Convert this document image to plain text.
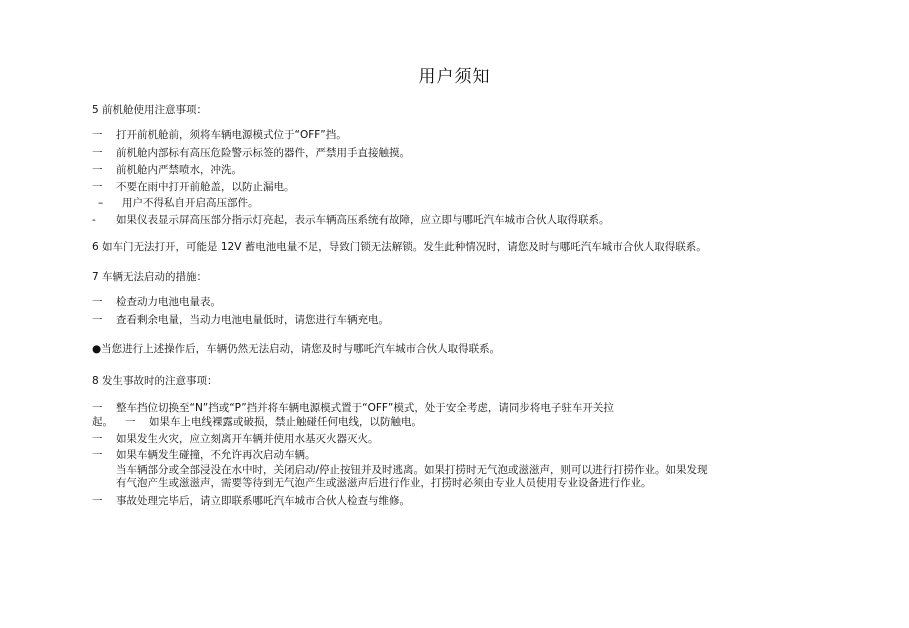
用户须知
5 前机舱使用注意事项：
一 打开前机舱前，须将车辆电源模式位于“OFF”挡。
一 前机舱内部标有高压危险警示标签的器件，严禁用手直接触摸。
一 前机舱内严禁喷水，冲洗。
一 不要在雨中打开前舱盖，以防止漏电。
– 用户不得私自开启高压部件。
- 如果仪表显示屏高压部分指示灯亮起，表示车辆高压系统有故障，应立即与哪吒汽车城市合伙人取得联系。
6 如车门无法打开，可能是 12V 蓄电池电量不足，导致门锁无法解锁。发生此种情况时，请您及时与哪吒汽车城市合伙人取得联系。
7 车辆无法启动的措施：
一 检查动力电池电量表。
一 查看剩余电量，当动力电池电量低时，请您进行车辆充电。
●当您进行上述操作后，车辆仍然无法启动，请您及时与哪吒汽车城市合伙人取得联系。
8 发生事故时的注意事项：
一 整车挡位切换至“N”挡或“P”挡并将车辆电源模式置于“OFF”模式，处于安全考虑，请同步将电子驻车开关拉
起。 一 如果车上电线裸露或破损，禁止触碰任何电线，以防触电。
一 如果发生火灾，应立刻离开车辆并使用水基灭火器灭火。
一 如果车辆发生碰撞，不允许再次启动车辆。
当车辆部分或全部浸没在水中时，关闭启动/停止按钮并及时逃离。如果打捞时无气泡或滋滋声，则可以进行打捞作业。如果发现
有气泡产生或滋滋声，需要等待到无气泡产生或滋滋声后进行作业，打捞时必须由专业人员使用专业设备进行作业。
一 事故处理完毕后，请立即联系哪吒汽车城市合伙人检查与维修。
